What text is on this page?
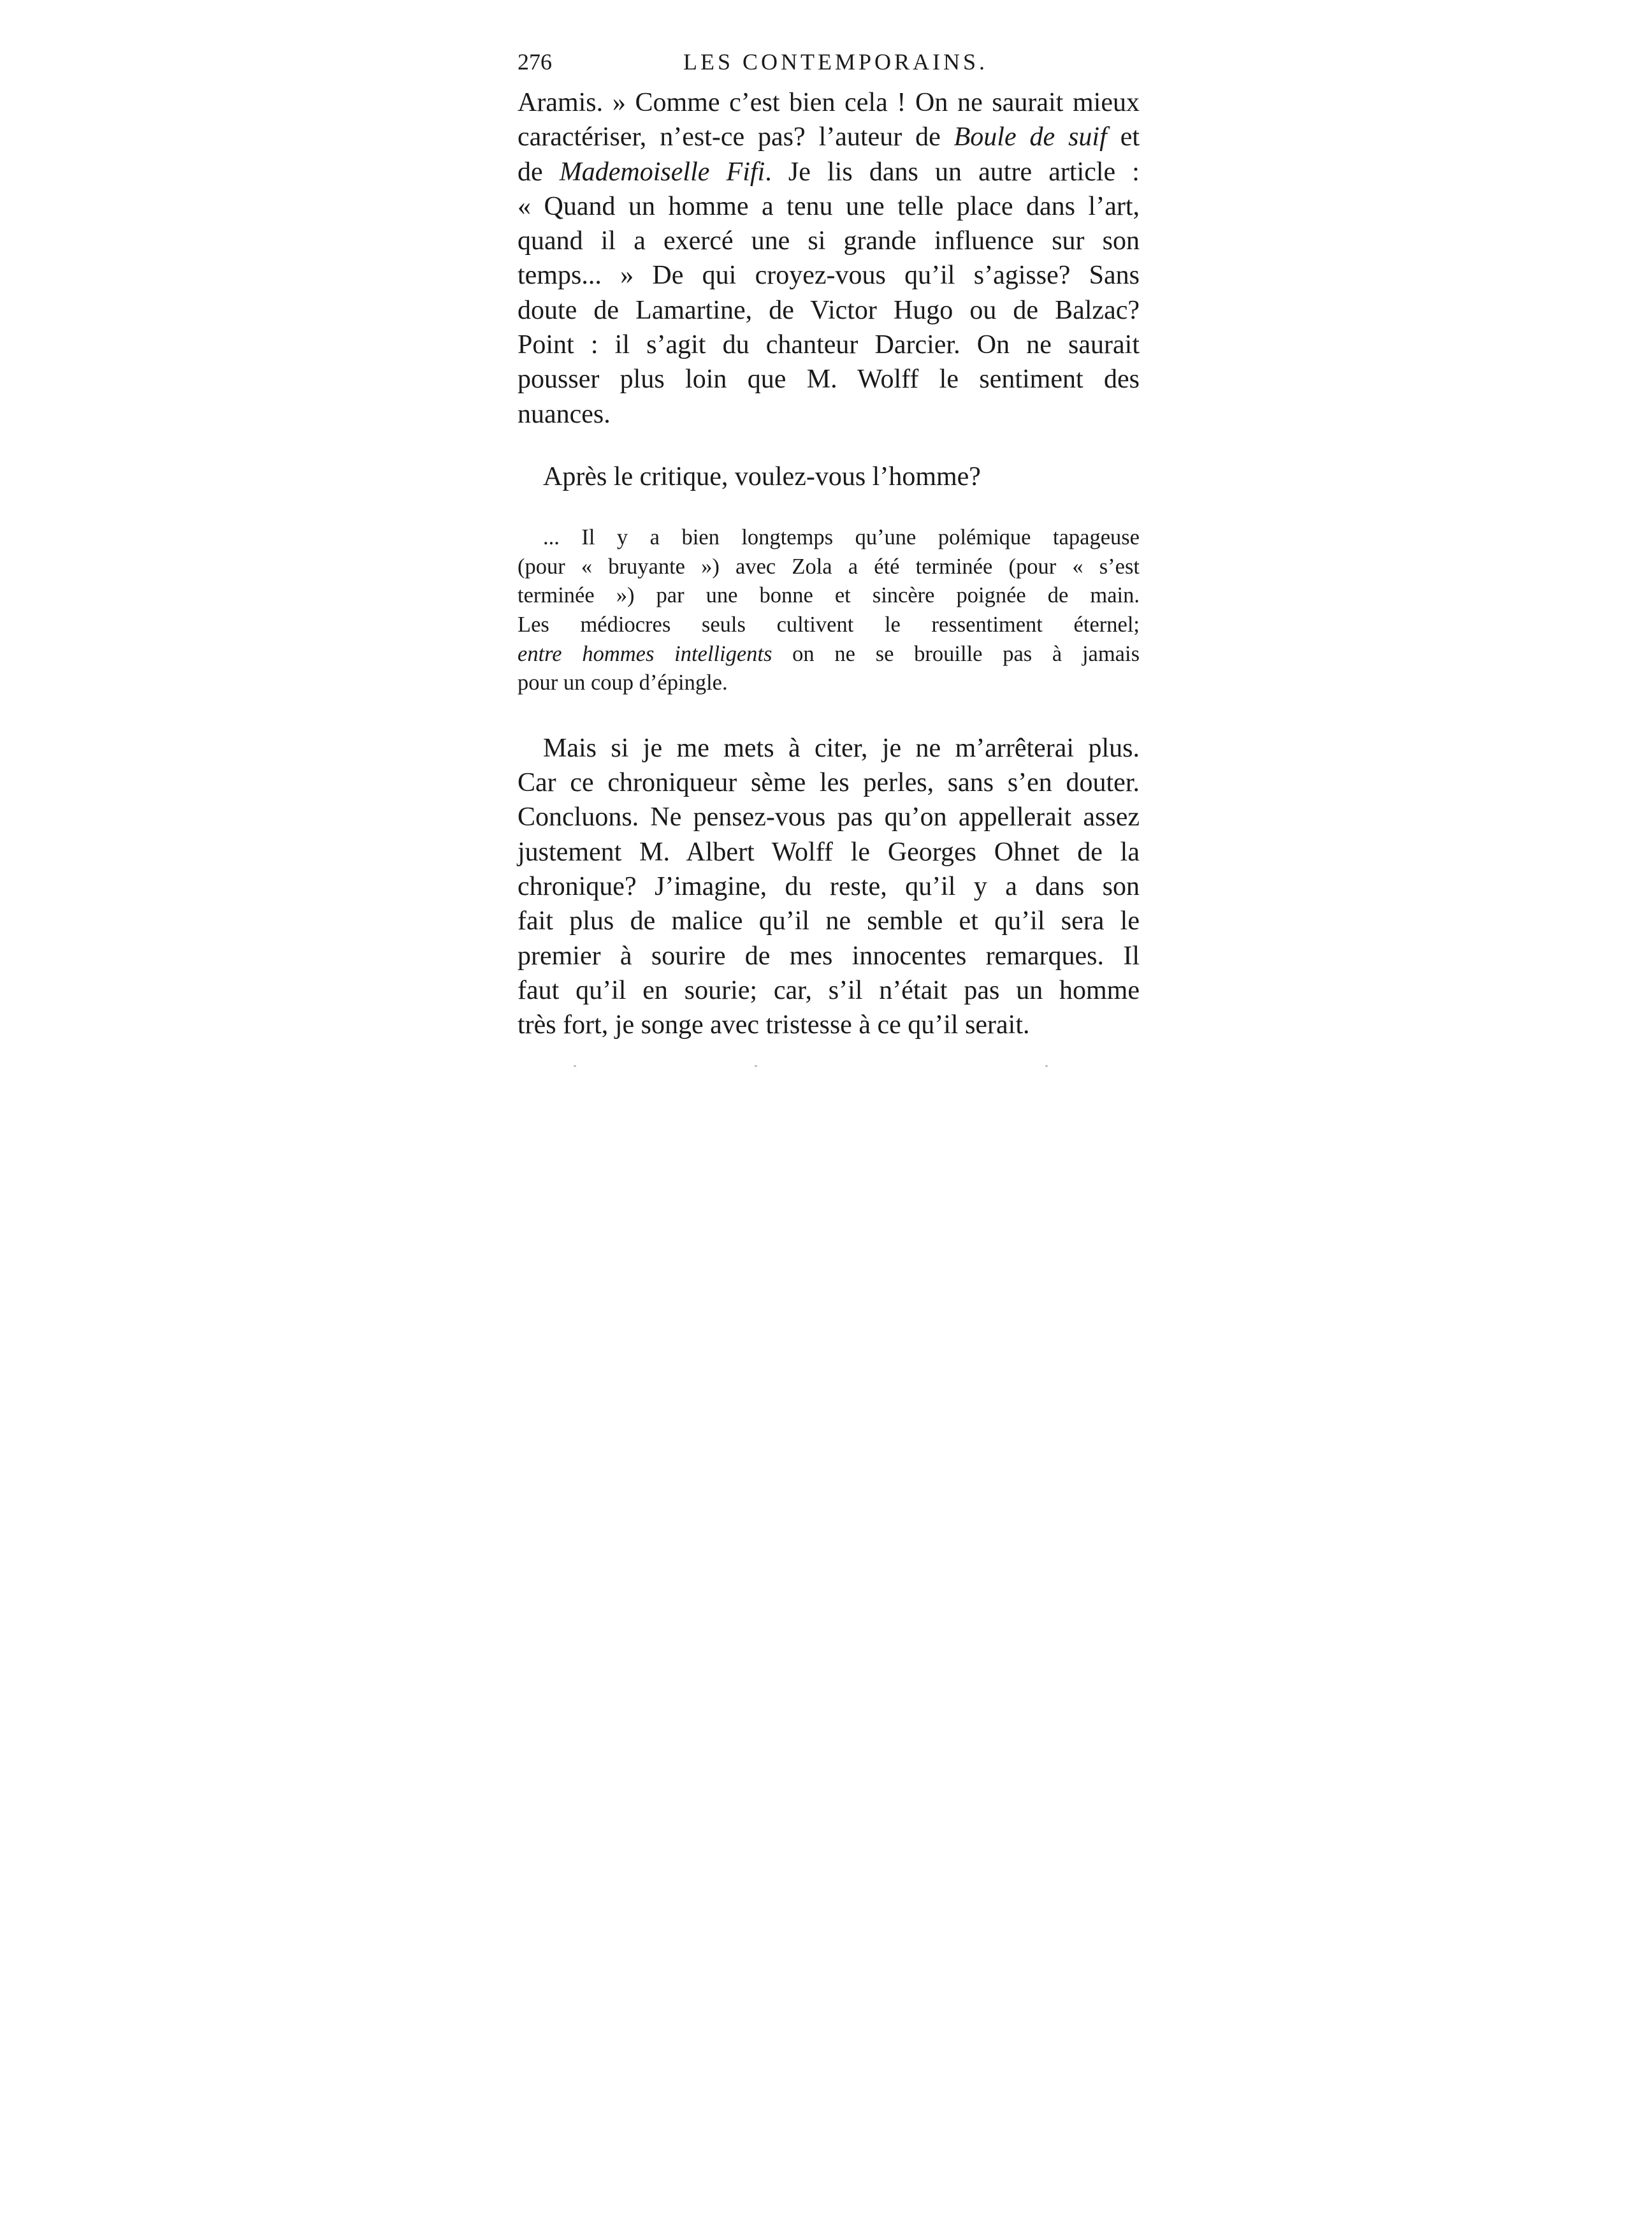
276	LES CONTEMPORAINS.
Aramis. » Comme c’est bien cela ! On ne saurait mieux
caractériser, n’est-ce pas? l’auteur de Boule de suif et
de Mademoiselle Fifi. Je lis dans un autre article :
« Quand un homme a tenu une telle place dans l’art,
quand il a exercé une si grande influence sur son
temps... » De qui croyez-vous qu’il s’agisse? Sans
doute de Lamartine, de Victor Hugo ou de Balzac?
Point : il s’agit du chanteur Darcier. On ne saurait
pousser plus loin que M. Wolff le sentiment des
nuances.
Après le critique, voulez-vous l’homme?
... Il y a bien longtemps qu’une polémique tapageuse
(pour « bruyante ») avec Zola a été terminée (pour « s’est
terminée ») par une bonne et sincère poignée de main.
Les médiocres seuls cultivent le ressentiment éternel;
entre hommes intelligents on ne se brouille pas à jamais
pour un coup d’épingle.
Mais si je me mets à citer, je ne m’arrêterai plus.
Car ce chroniqueur sème les perles, sans s’en douter.
Concluons. Ne pensez-vous pas qu’on appellerait assez
justement M. Albert Wolff le Georges Ohnet de la
chronique? J’imagine, du reste, qu’il y a dans son
fait plus de malice qu’il ne semble et qu’il sera le
premier à sourire de mes innocentes remarques. Il
faut qu’il en sourie; car, s’il n’était pas un homme
très fort, je songe avec tristesse à ce qu’il serait.
